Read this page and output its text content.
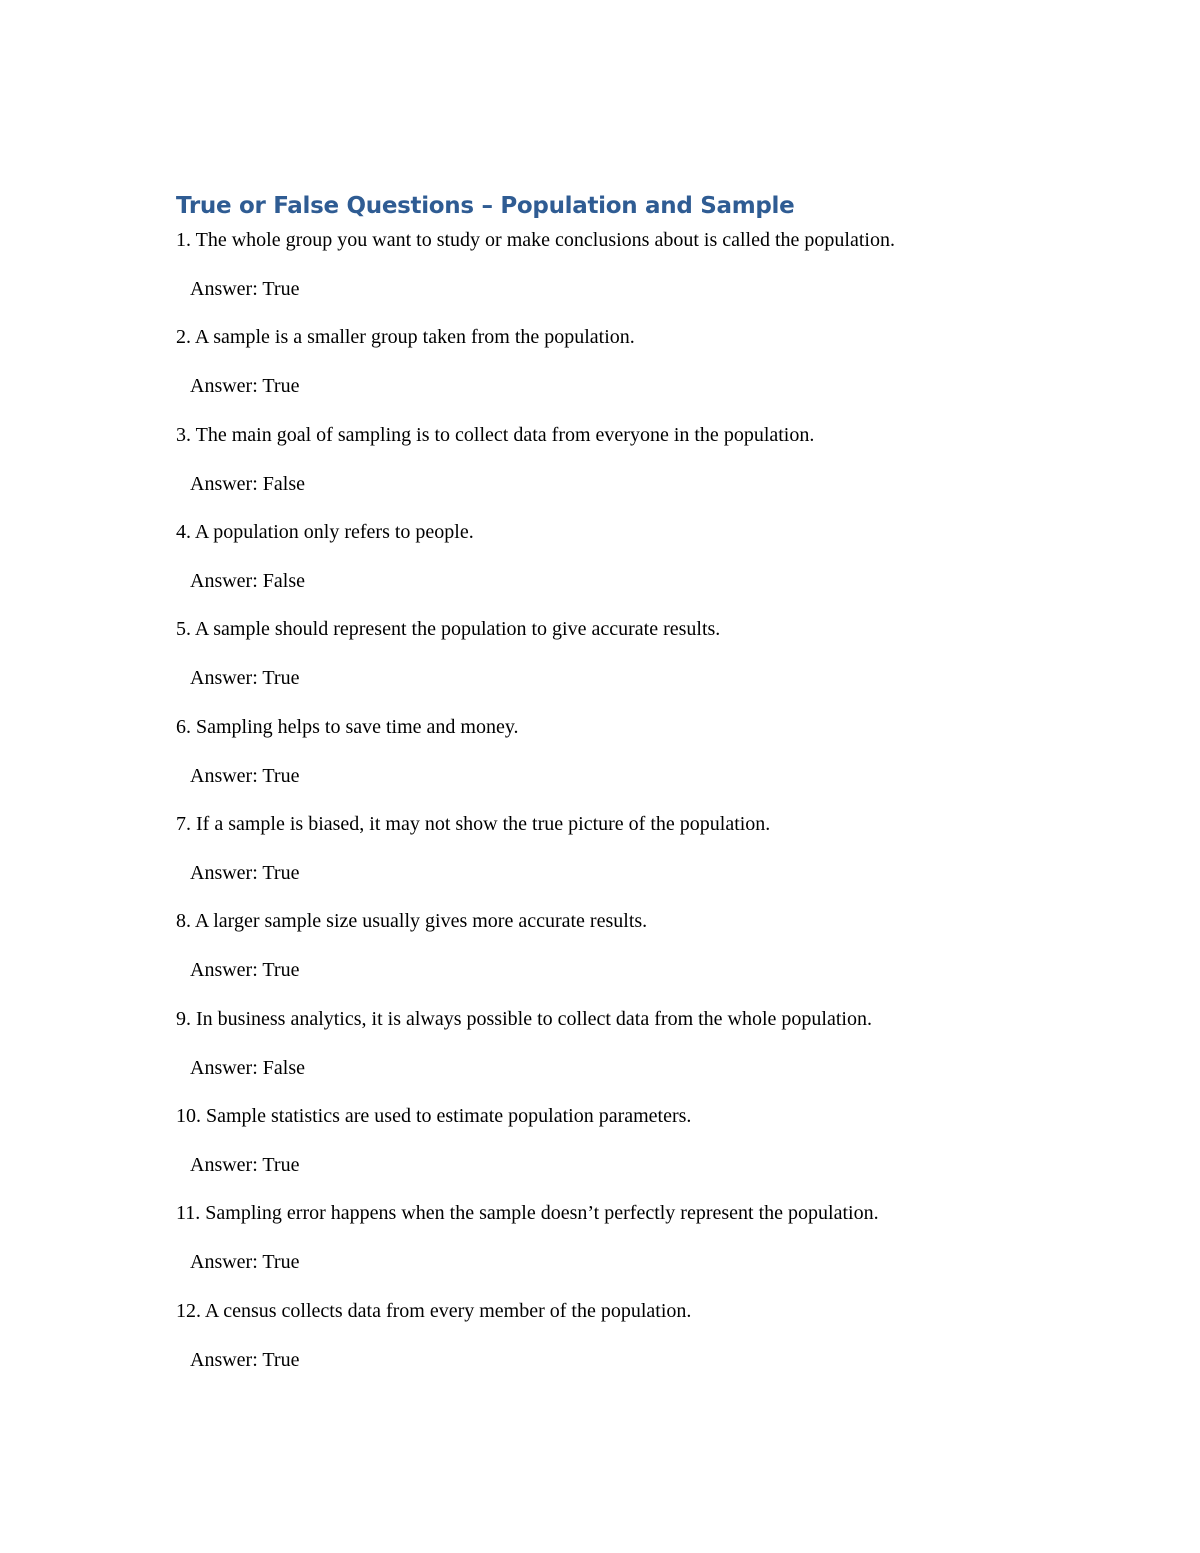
True or False Questions – Population and Sample

1. The whole group you want to study or make conclusions about is called the population.

Answer: True

2. A sample is a smaller group taken from the population.

Answer: True

3. The main goal of sampling is to collect data from everyone in the population.

Answer: False

4. A population only refers to people.

Answer: False

5. A sample should represent the population to give accurate results.

Answer: True

6. Sampling helps to save time and money.

Answer: True

7. If a sample is biased, it may not show the true picture of the population.

Answer: True

8. A larger sample size usually gives more accurate results.

Answer: True

9. In business analytics, it is always possible to collect data from the whole population.

Answer: False

10. Sample statistics are used to estimate population parameters.

Answer: True

11. Sampling error happens when the sample doesn’t perfectly represent the population.

Answer: True

12. A census collects data from every member of the population.

Answer: True
